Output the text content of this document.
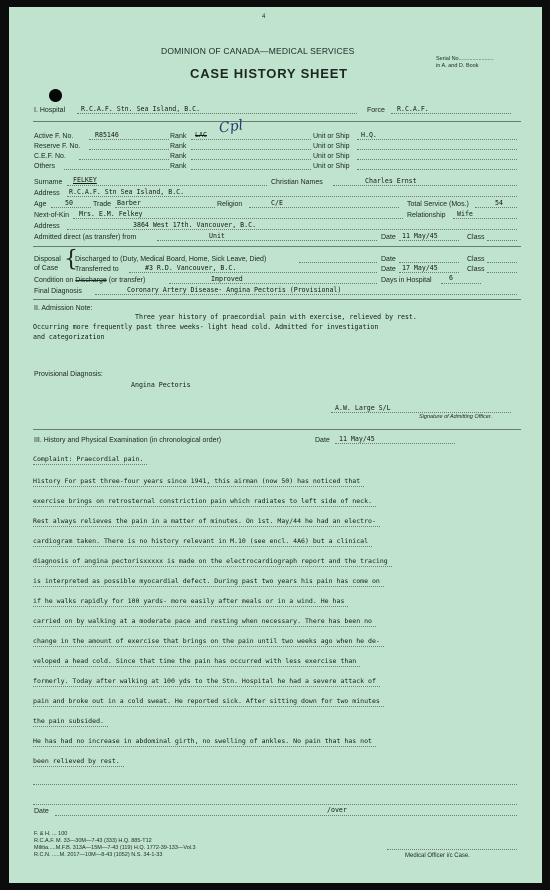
4
DOMINION OF CANADA—MEDICAL SERVICES
CASE HISTORY SHEET
Serial No.......................
in A. and D. Book
I. Hospital R.C.A.F. Stn. Sea Island, B.C.	Force R.C.A.F.
Active F. No.	R85146	Rank LAC Cpl	Unit or Ship H.Q.
Reserve F. No.	Rank	Unit or Ship
C.E.F. No.	Rank	Unit or Ship
Others	Rank	Unit or Ship
Surname FELKEY	Christian Names	Charles Ernst
Address R.C.A.F. Stn Sea Island, B.C.
Age	50	Trade Barber	Religion	C/E	Total Service (Mos.)	54
Next-of-Kin Mrs. E.M. Felkey	Relationship Wife
Address	3864 West 17th. Vancouver, B.C.
Admitted direct (as transfer) from	Unit	Date 11 May/45	Class
Disposal
of Case {
Discharged to (Duty, Medical Board, Home, Sick Leave, Died)	Date	Class
Transferred to	#3 R.D. Vancouver, B.C.	Date 17 May/45	Class
Condition on Discharge (or transfer)	Improved	Days in Hospital	6
Final Diagnosis	Coronary Artery Disease- Angina Pectoris (Provisional)
II. Admission Note:
Three year history of praecordial pain with exercise, relieved by rest.
Occurring more frequently past three weeks- light head cold. Admitted for investigation
and categorization
Provisional Diagnosis:
Angina Pectoris
A.W. Large S/L
Signature of Admitting Officer.
III. History and Physical Examination (in chronological order)	Date 11 May/45
Complaint: Praecordial pain.
History For past three-four years since 1941, this airman (now 50) has noticed that
exercise brings on retrosternal constriction pain which radiates to left side of neck.
Rest always relieves the pain in a matter of minutes. On 1st. May/44 he had an electro-
cardiogram taken. There is no history relevant in M.10 (see encl. 4A6) but a clinical
diagnosis of angina pectorisxxxxx is made on the electrocardiograph report and the tracing
is interpreted as possible myocardial defect. During past two years his pain has come on
if he walks rapidly for 100 yards- more easily after meals or in a wind. He has
carried on by walking at a moderate pace and resting when necessary. There has been no
change in the amount of exercise that brings on the pain until two weeks ago when he de-
veloped a head cold. Since that time the pain has occurred with less exercise than
formerly. Today after walking at 100 yds to the Stn. Hospital he had a severe attack of
pain and broke out in a cold sweat. He reported sick. After sitting down for two minutes
the pain subsided.
He has had no increase in abdominal girth, no swelling of ankles. No pain that has not
been relieved by rest.
Date	/over
F. & H. ... 100
R.C.A.F. M. 33—30M—7-43 (333) H.Q. 885-T12
Militia.....M.F.B. 313A—15M—7-43 (119) H.Q. 1772-39-133—Vol.3
R.C.N. .....M. 2017—10M—8-43 (1052) N.S. 34-1-33	Medical Officer i/c Case.
